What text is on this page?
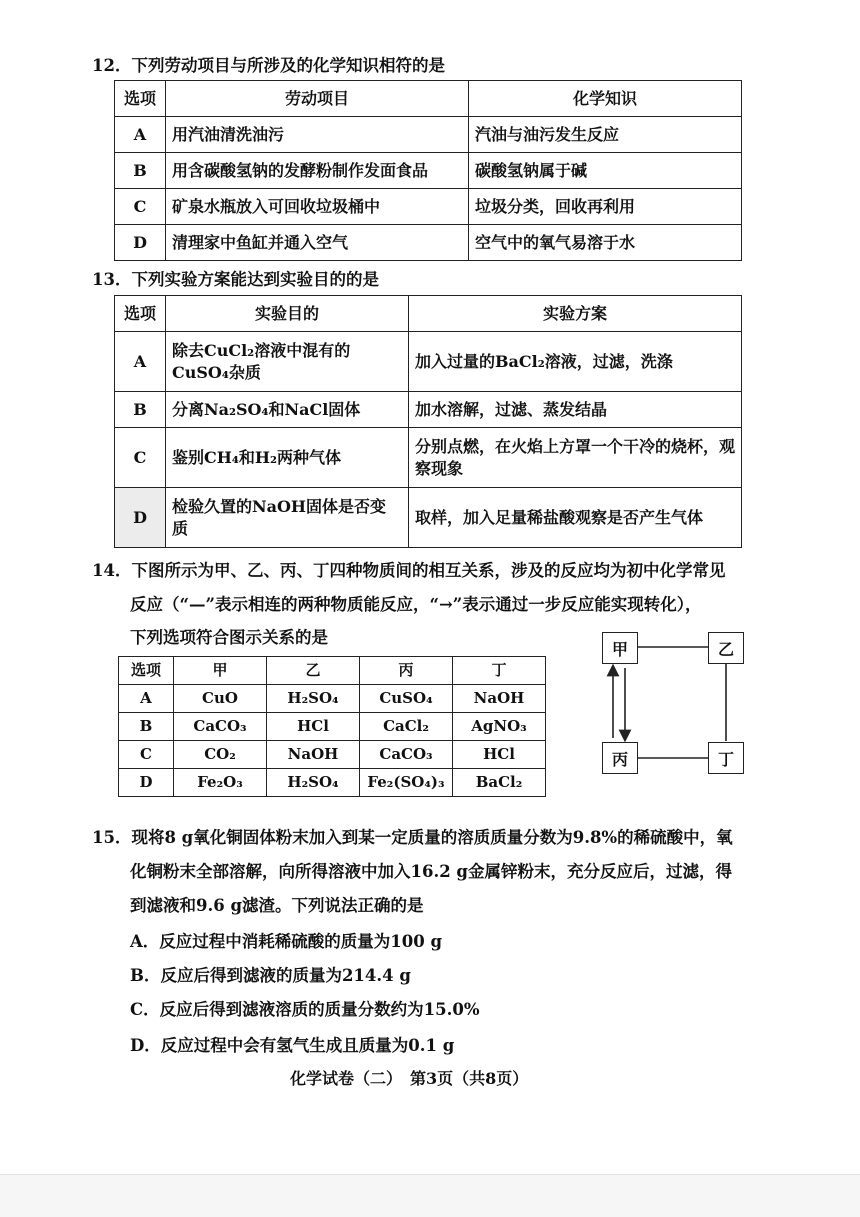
12．下列劳动项目与所涉及的化学知识相符的是
选项	劳动项目	化学知识
A	用汽油清洗油污	汽油与油污发生反应
B	用含碳酸氢钠的发酵粉制作发面食品	碳酸氢钠属于碱
C	矿泉水瓶放入可回收垃圾桶中	垃圾分类，回收再利用
D	清理家中鱼缸并通入空气	空气中的氧气易溶于水
13．下列实验方案能达到实验目的的是
选项	实验目的	实验方案
A	除去CuCl₂溶液中混有的CuSO₄杂质	加入过量的BaCl₂溶液，过滤，洗涤
B	分离Na₂SO₄和NaCl固体	加水溶解，过滤、蒸发结晶
C	鉴别CH₄和H₂两种气体	分别点燃，在火焰上方罩一个干冷的烧杯，观察现象
D	检验久置的NaOH固体是否变质	取样，加入足量稀盐酸观察是否产生气体
14．下图所示为甲、乙、丙、丁四种物质间的相互关系，涉及的反应均为初中化学常见
反应（“—”表示相连的两种物质能反应，“→”表示通过一步反应能实现转化），
下列选项符合图示关系的是
选项	甲	乙	丙	丁
A	CuO	H₂SO₄	CuSO₄	NaOH
B	CaCO₃	HCl	CaCl₂	AgNO₃
C	CO₂	NaOH	CaCO₃	HCl
D	Fe₂O₃	H₂SO₄	Fe₂(SO₄)₃	BaCl₂
甲	乙
丙	丁
15．现将8 g氧化铜固体粉末加入到某一定质量的溶质质量分数为9.8%的稀硫酸中，氧
化铜粉末全部溶解，向所得溶液中加入16.2 g金属锌粉末，充分反应后，过滤，得
到滤液和9.6 g滤渣。下列说法正确的是
A．反应过程中消耗稀硫酸的质量为100 g
B．反应后得到滤液的质量为214.4 g
C．反应后得到滤液溶质的质量分数约为15.0%
D．反应过程中会有氢气生成且质量为0.1 g
化学试卷（二）　第3页（共8页）
